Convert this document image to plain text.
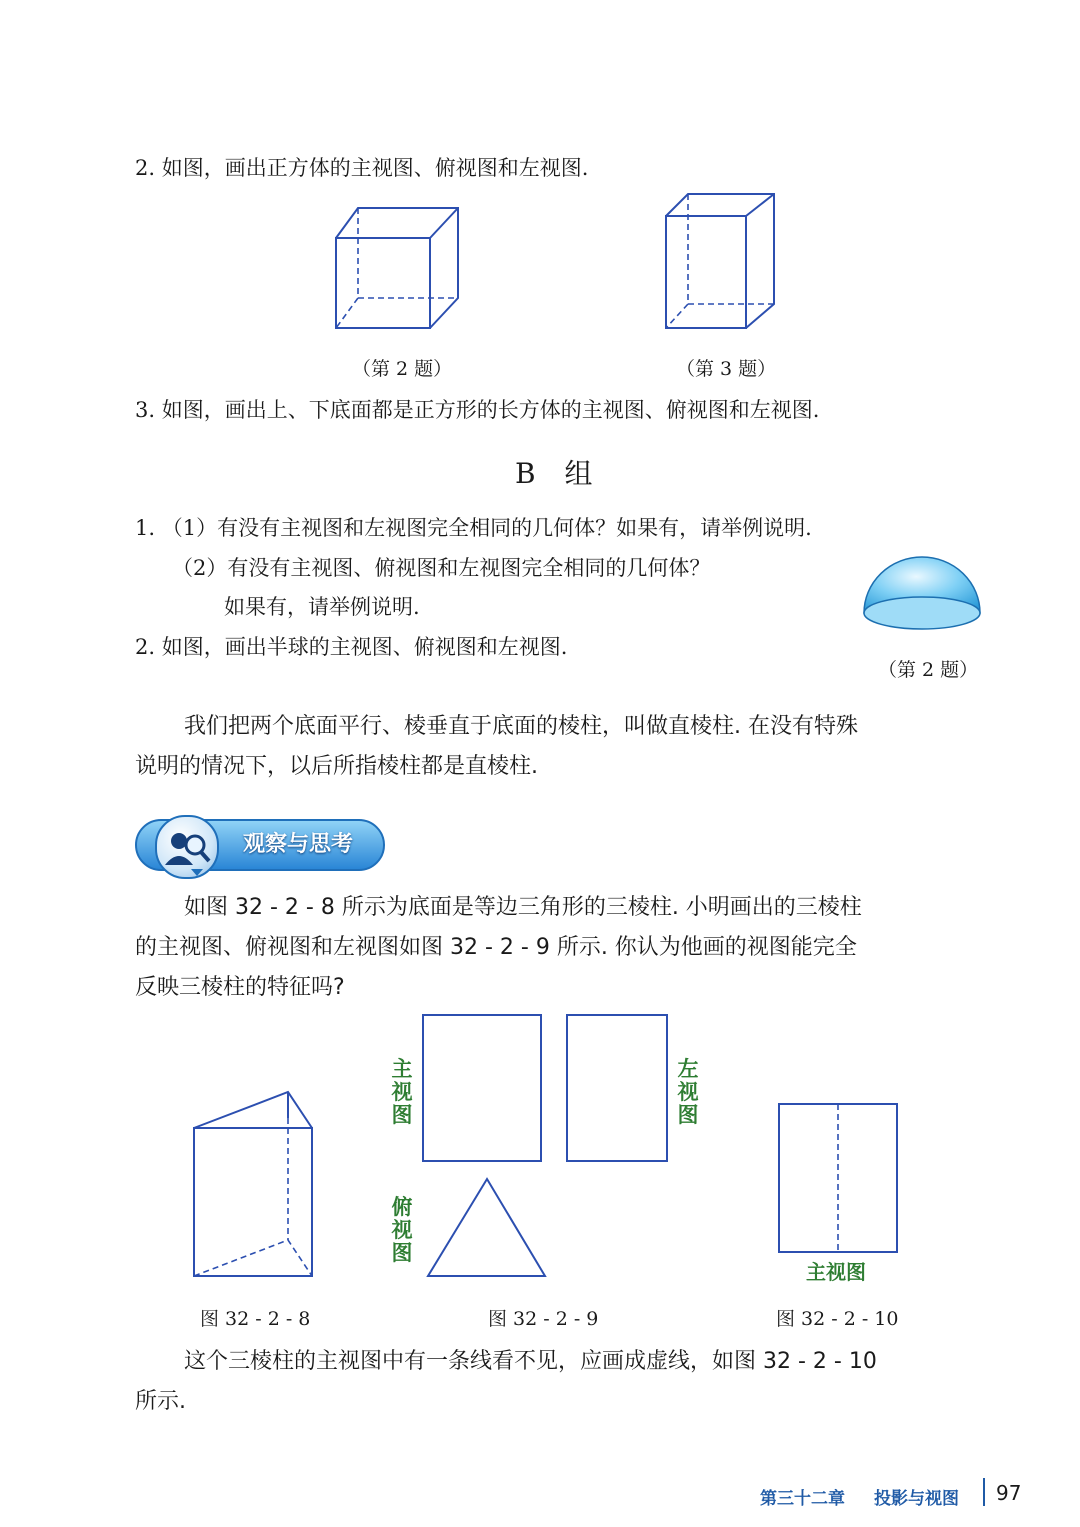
2. 如图，画出正方体的主视图、俯视图和左视图.
（第 2 题）	（第 3 题）
3. 如图，画出上、下底面都是正方形的长方体的主视图、俯视图和左视图.
B 组
1. （1）有没有主视图和左视图完全相同的几何体？如果有，请举例说明.
（2）有没有主视图、俯视图和左视图完全相同的几何体？
如果有，请举例说明.
2. 如图，画出半球的主视图、俯视图和左视图.
（第 2 题）
我们把两个底面平行、棱垂直于底面的棱柱，叫做直棱柱. 在没有特殊
说明的情况下，以后所指棱柱都是直棱柱.
观察与思考
如图 32 - 2 - 8 所示为底面是等边三角形的三棱柱. 小明画出的三棱柱
的主视图、俯视图和左视图如图 32 - 2 - 9 所示. 你认为他画的视图能完全
反映三棱柱的特征吗?
主视图
左视图
俯视图
主视图
图 32 - 2 - 8	图 32 - 2 - 9	图 32 - 2 - 10
这个三棱柱的主视图中有一条线看不见，应画成虚线，如图 32 - 2 - 10
所示.
第三十二章 投影与视图 97
